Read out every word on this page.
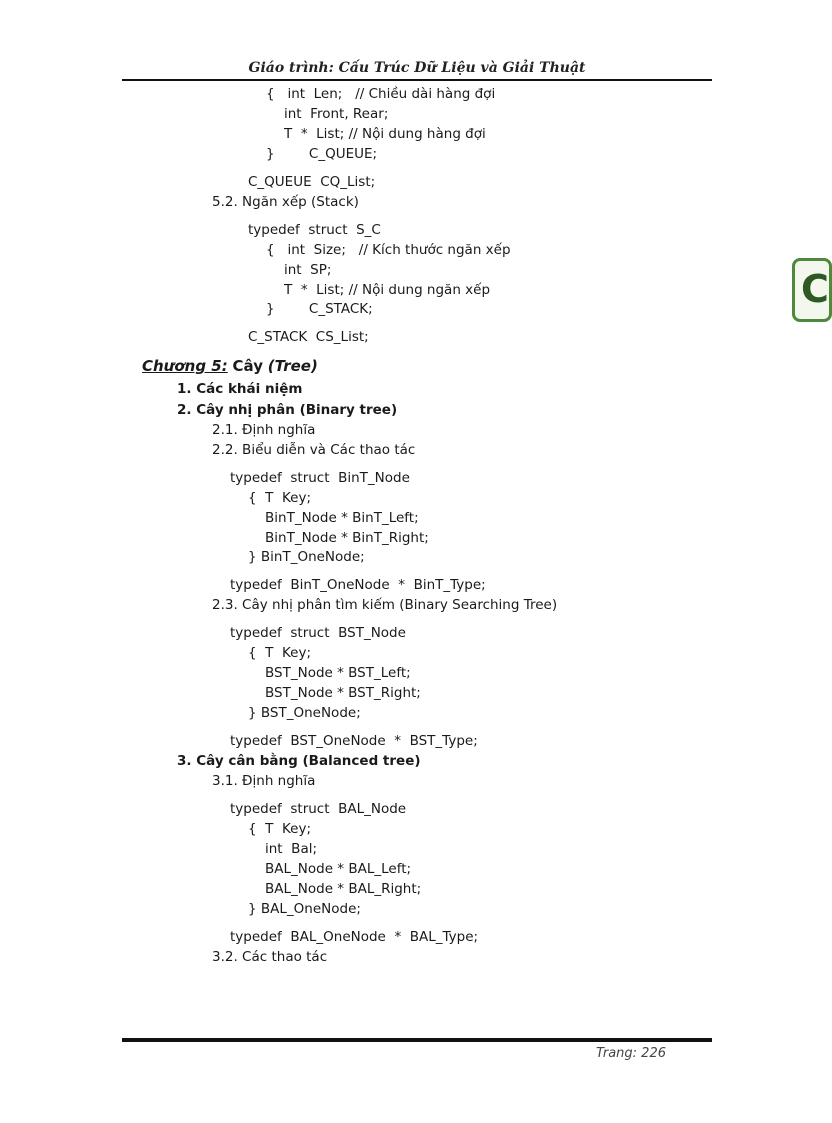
Giáo trình: Cấu Trúc Dữ Liệu và Giải Thuật
C
{   int  Len;   // Chiều dài hàng đợi
int  Front, Rear;
T  *  List; // Nội dung hàng đợi
}        C_QUEUE;
C_QUEUE  CQ_List;
5.2. Ngăn xếp (Stack)
typedef  struct  S_C
{   int  Size;   // Kích thước ngăn xếp
int  SP;
T  *  List; // Nội dung ngăn xếp
}        C_STACK;
C_STACK  CS_List;
Chương 5: Cây (Tree)
1. Các khái niệm
2. Cây nhị phân (Binary tree)
2.1. Định nghĩa
2.2. Biểu diễn và Các thao tác
typedef  struct  BinT_Node
{  T  Key;
BinT_Node * BinT_Left;
BinT_Node * BinT_Right;
} BinT_OneNode;
typedef  BinT_OneNode  *  BinT_Type;
2.3. Cây nhị phân tìm kiếm (Binary Searching Tree)
typedef  struct  BST_Node
{  T  Key;
BST_Node * BST_Left;
BST_Node * BST_Right;
} BST_OneNode;
typedef  BST_OneNode  *  BST_Type;
3. Cây cân bằng (Balanced tree)
3.1. Định nghĩa
typedef  struct  BAL_Node
{  T  Key;
int  Bal;
BAL_Node * BAL_Left;
BAL_Node * BAL_Right;
} BAL_OneNode;
typedef  BAL_OneNode  *  BAL_Type;
3.2. Các thao tác
Trang: 226
